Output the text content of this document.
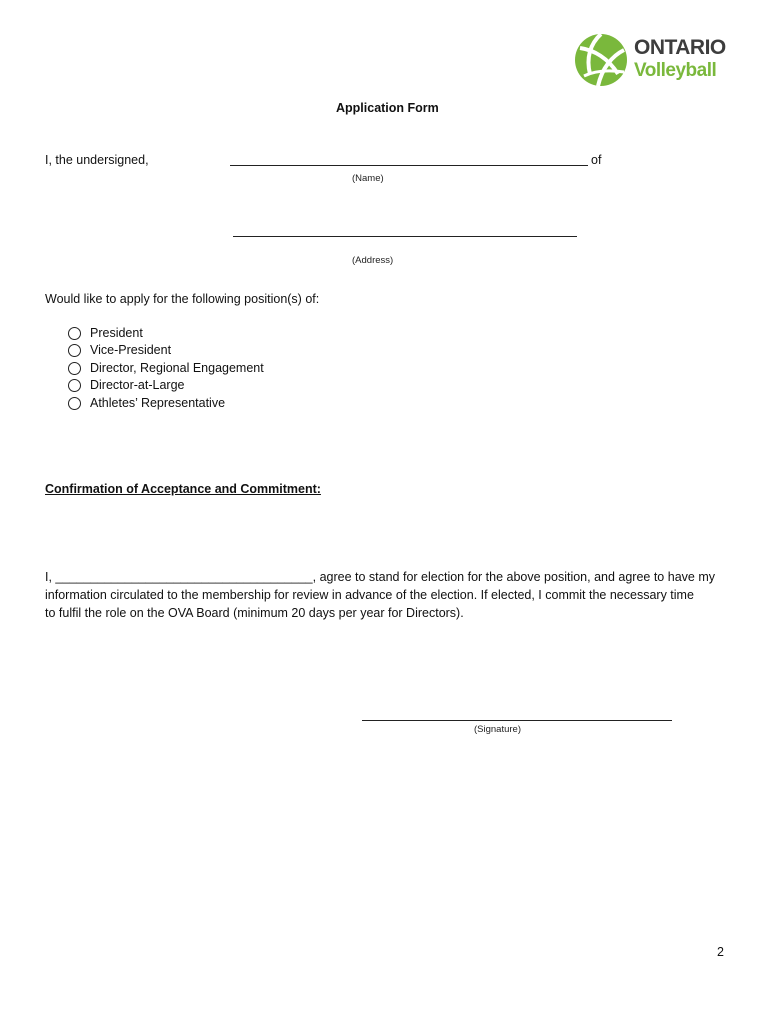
ONTARIO
Volleyball
Application Form
I, the undersigned,	of
(Name)
(Address)
Would like to apply for the following position(s) of:
President
Vice-President
Director, Regional Engagement
Director-at-Large
Athletes’ Representative
Confirmation of Acceptance and Commitment:
I, _____________________________________, agree to stand for election for the above position, and agree to have my
information circulated to the membership for review in advance of the election. If elected, I commit the necessary time
to fulfil the role on the OVA Board (minimum 20 days per year for Directors).
(Signature)
2
